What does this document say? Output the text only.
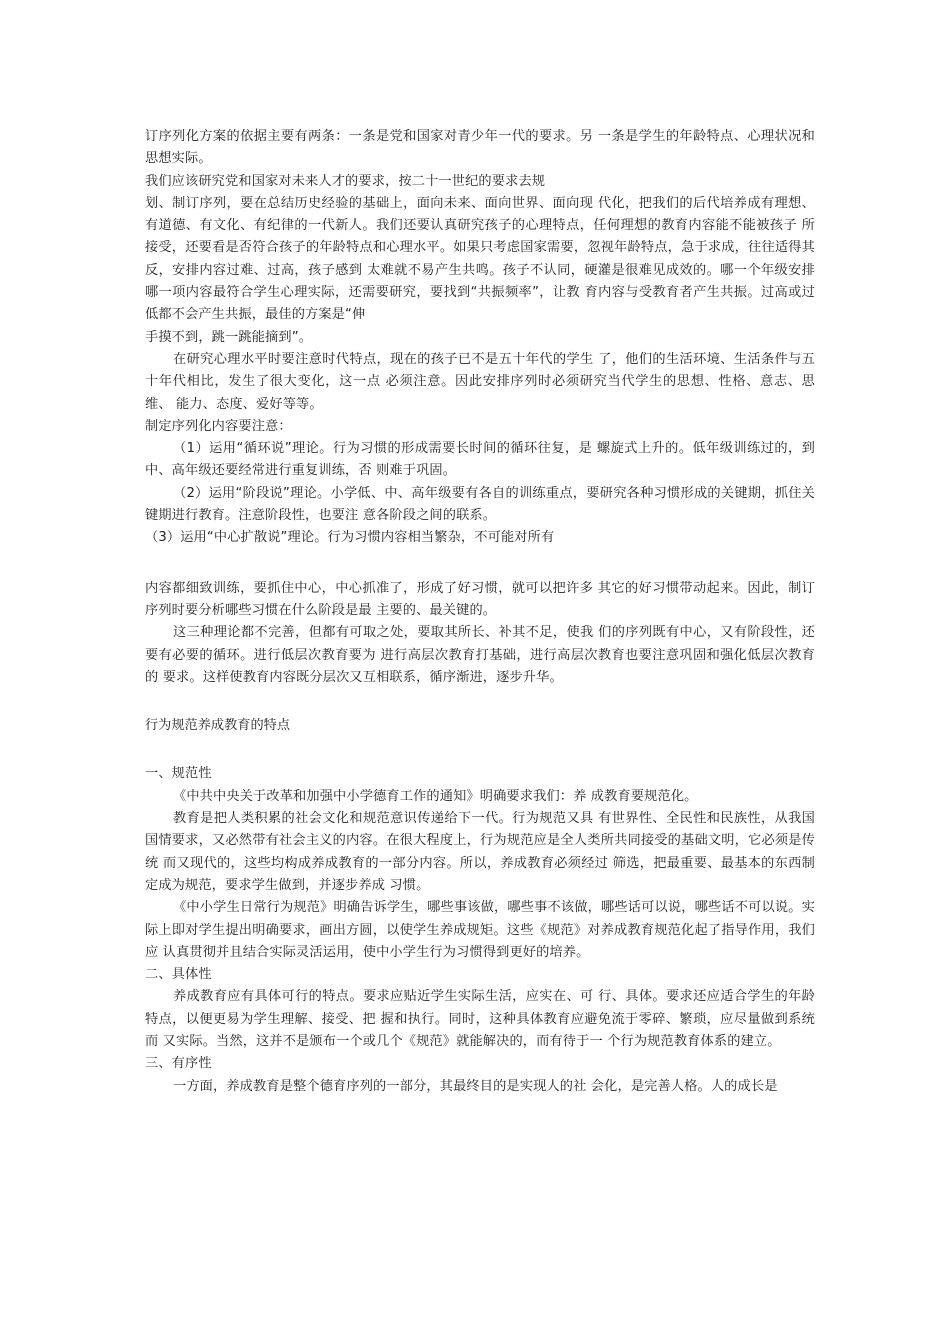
订序列化方案的依据主要有两条：一条是党和国家对青少年一代的要求。另 一条是学生的年龄特点、心理状况和思想实际。

我们应该研究党和国家对未来人才的要求，按二十一世纪的要求去规

划、制订序列，要在总结历史经验的基础上，面向未来、面向世界、面向现 代化，把我们的后代培养成有理想、有道德、有文化、有纪律的一代新人。我们还要认真研究孩子的心理特点，任何理想的教育内容能不能被孩子 所接受，还要看是否符合孩子的年龄特点和心理水平。如果只考虑国家需要，忽视年龄特点，急于求成，往往适得其反，安排内容过难、过高，孩子感到 太难就不易产生共鸣。孩子不认同，硬灌是很难见成效的。哪一个年级安排 哪一项内容最符合学生心理实际，还需要研究，要找到“共振频率”，让教 育内容与受教育者产生共振。过高或过低都不会产生共振，最佳的方案是“伸

手摸不到，跳一跳能摘到”。

在研究心理水平时要注意时代特点，现在的孩子已不是五十年代的学生 了，他们的生活环境、生活条件与五十年代相比，发生了很大变化，这一点 必须注意。因此安排序列时必须研究当代学生的思想、性格、意志、思维、 能力、态度、爱好等等。

制定序列化内容要注意：

（1）运用“循环说”理论。行为习惯的形成需要长时间的循环往复，是 螺旋式上升的。低年级训练过的，到中、高年级还要经常进行重复训练，否 则难于巩固。

（2）运用“阶段说”理论。小学低、中、高年级要有各自的训练重点，要研究各种习惯形成的关键期，抓住关键期进行教育。注意阶段性，也要注 意各阶段之间的联系。

（3）运用“中心扩散说”理论。行为习惯内容相当繁杂，不可能对所有

内容都细致训练，要抓住中心，中心抓准了，形成了好习惯，就可以把许多 其它的好习惯带动起来。因此，制订序列时要分析哪些习惯在什么阶段是最 主要的、最关键的。

这三种理论都不完善，但都有可取之处，要取其所长、补其不足，使我 们的序列既有中心，又有阶段性，还要有必要的循环。进行低层次教育要为 进行高层次教育打基础，进行高层次教育也要注意巩固和强化低层次教育的 要求。这样使教育内容既分层次又互相联系，循序渐进，逐步升华。

行为规范养成教育的特点

一、规范性

《中共中央关于改革和加强中小学德育工作的通知》明确要求我们：养 成教育要规范化。

教育是把人类积累的社会文化和规范意识传递给下一代。行为规范又具 有世界性、全民性和民族性，从我国国情要求，又必然带有社会主义的内容。在很大程度上，行为规范应是全人类所共同接受的基础文明，它必须是传统 而又现代的，这些均构成养成教育的一部分内容。所以，养成教育必须经过 筛选，把最重要、最基本的东西制定成为规范，要求学生做到，并逐步养成 习惯。

《中小学生日常行为规范》明确告诉学生，哪些事该做，哪些事不该做，哪些话可以说，哪些话不可以说。实际上即对学生提出明确要求，画出方圆，以使学生养成规矩。这些《规范》对养成教育规范化起了指导作用，我们应 认真贯彻并且结合实际灵活运用，使中小学生行为习惯得到更好的培养。

二、具体性

养成教育应有具体可行的特点。要求应贴近学生实际生活，应实在、可 行、具体。要求还应适合学生的年龄特点，以便更易为学生理解、接受、把 握和执行。同时，这种具体教育应避免流于零碎、繁琐，应尽量做到系统而 又实际。当然，这并不是颁布一个或几个《规范》就能解决的，而有待于一 个行为规范教育体系的建立。

三、有序性

一方面，养成教育是整个德育序列的一部分，其最终目的是实现人的社 会化，是完善人格。人的成长是
